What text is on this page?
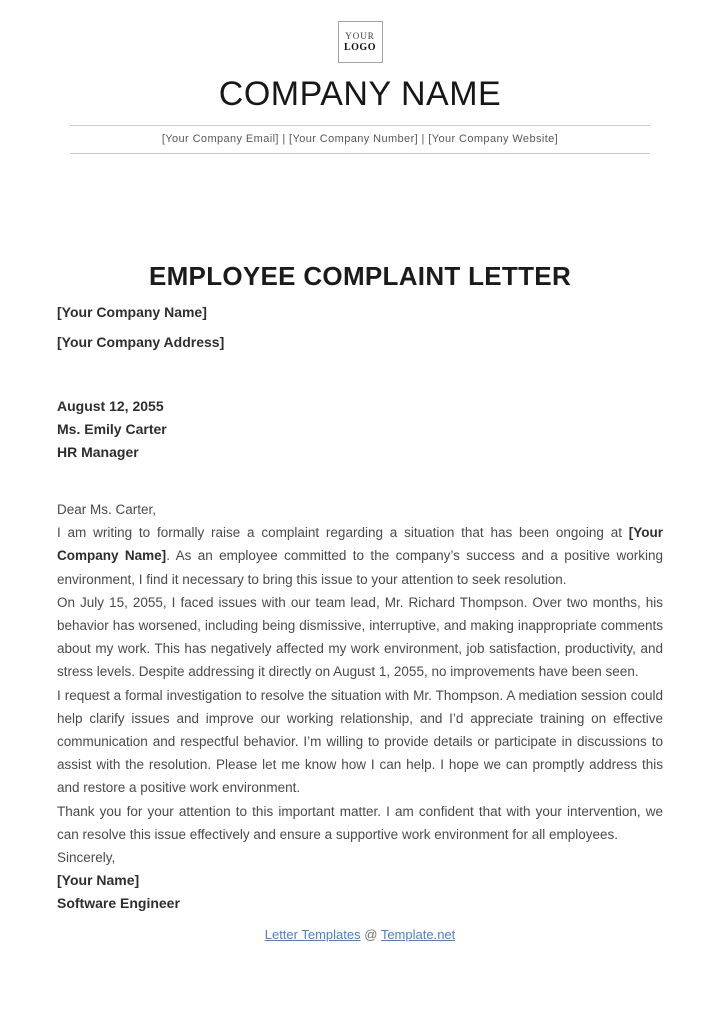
YOUR
LOGO
COMPANY NAME
[Your Company Email] | [Your Company Number] | [Your Company Website]
EMPLOYEE COMPLAINT LETTER
[Your Company Name]
[Your Company Address]
August 12, 2055
Ms. Emily Carter
HR Manager

Dear Ms. Carter,

I am writing to formally raise a complaint regarding a situation that has been ongoing at [Your Company Name]. As an employee committed to the company’s success and a positive working environment, I find it necessary to bring this issue to your attention to seek resolution.

On July 15, 2055, I faced issues with our team lead, Mr. Richard Thompson. Over two months, his behavior has worsened, including being dismissive, interruptive, and making inappropriate comments about my work. This has negatively affected my work environment, job satisfaction, productivity, and stress levels. Despite addressing it directly on August 1, 2055, no improvements have been seen.

I request a formal investigation to resolve the situation with Mr. Thompson. A mediation session could help clarify issues and improve our working relationship, and I’d appreciate training on effective communication and respectful behavior. I’m willing to provide details or participate in discussions to assist with the resolution. Please let me know how I can help. I hope we can promptly address this and restore a positive work environment.

Thank you for your attention to this important matter. I am confident that with your intervention, we can resolve this issue effectively and ensure a supportive work environment for all employees.

Sincerely,

[Your Name]
Software Engineer
Letter Templates @ Template.net
